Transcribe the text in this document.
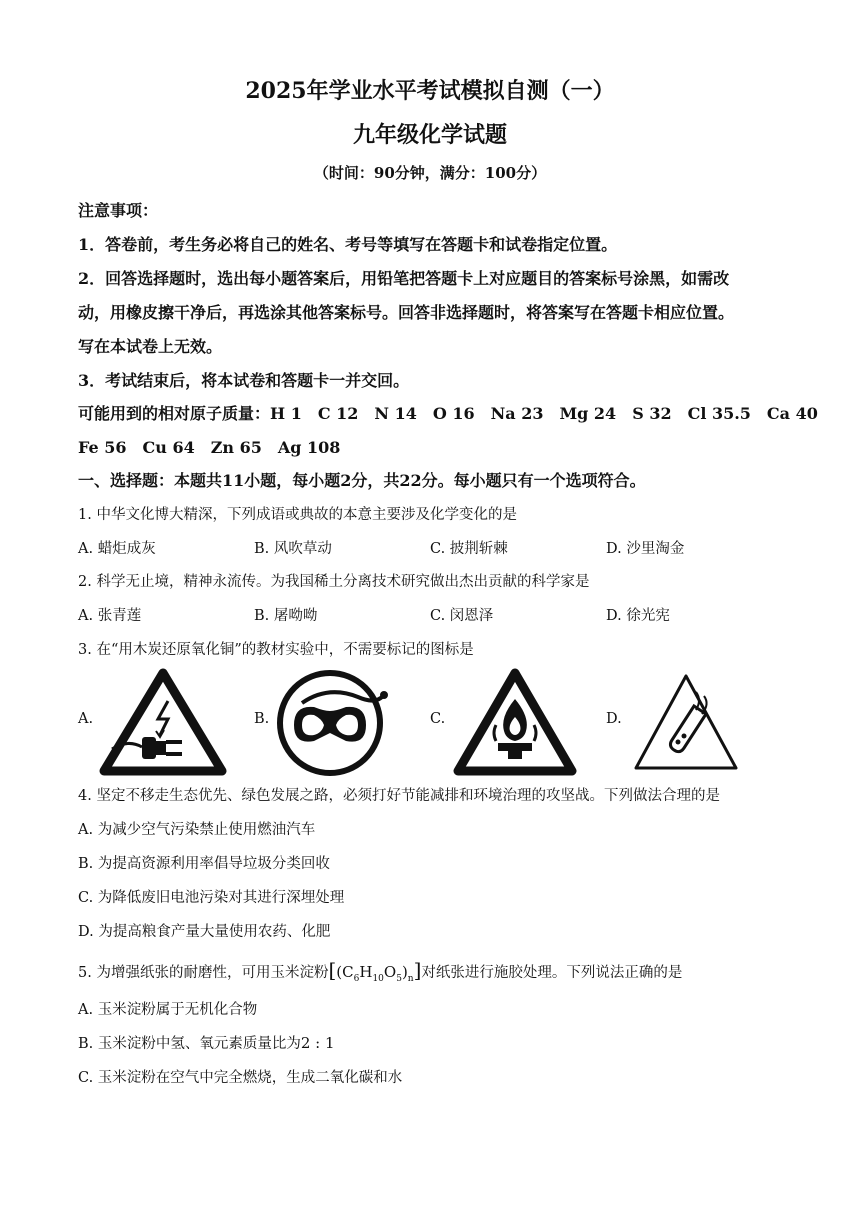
2025年学业水平考试模拟自测（一）
九年级化学试题
（时间：90分钟，满分：100分）
注意事项：
1．答卷前，考生务必将自己的姓名、考号等填写在答题卡和试卷指定位置。
2．回答选择题时，选出每小题答案后，用铅笔把答题卡上对应题目的答案标号涂黑，如需改
动，用橡皮擦干净后，再选涂其他答案标号。回答非选择题时，将答案写在答题卡相应位置。
写在本试卷上无效。
3．考试结束后，将本试卷和答题卡一并交回。
可能用到的相对原子质量：H 1　C 12　N 14　O 16　Na 23　Mg 24　S 32　Cl 35.5　Ca 40
Fe 56　Cu 64　Zn 65　Ag 108
一、选择题：本题共11小题，每小题2分，共22分。每小题只有一个选项符合。
1. 中华文化博大精深，下列成语或典故的本意主要涉及化学变化的是
A. 蜡炬成灰	B. 风吹草动	C. 披荆斩棘	D. 沙里淘金
2. 科学无止境，精神永流传。为我国稀土分离技术研究做出杰出贡献的科学家是
A. 张青莲	B. 屠呦呦	C. 闵恩泽	D. 徐光宪
3. 在“用木炭还原氧化铜”的教材实验中，不需要标记的图标是
A.	B.	C.	D.
4. 坚定不移走生态优先、绿色发展之路，必须打好节能减排和环境治理的攻坚战。下列做法合理的是
A. 为减少空气污染禁止使用燃油汽车
B. 为提高资源利用率倡导垃圾分类回收
C. 为降低废旧电池污染对其进行深埋处理
D. 为提高粮食产量大量使用农药、化肥
5. 为增强纸张的耐磨性，可用玉米淀粉$[(C_6H_{10}O_5)_n]$对纸张进行施胶处理。下列说法正确的是
A. 玉米淀粉属于无机化合物
B. 玉米淀粉中氢、氧元素质量比为2 : 1
C. 玉米淀粉在空气中完全燃烧，生成二氧化碳和水
